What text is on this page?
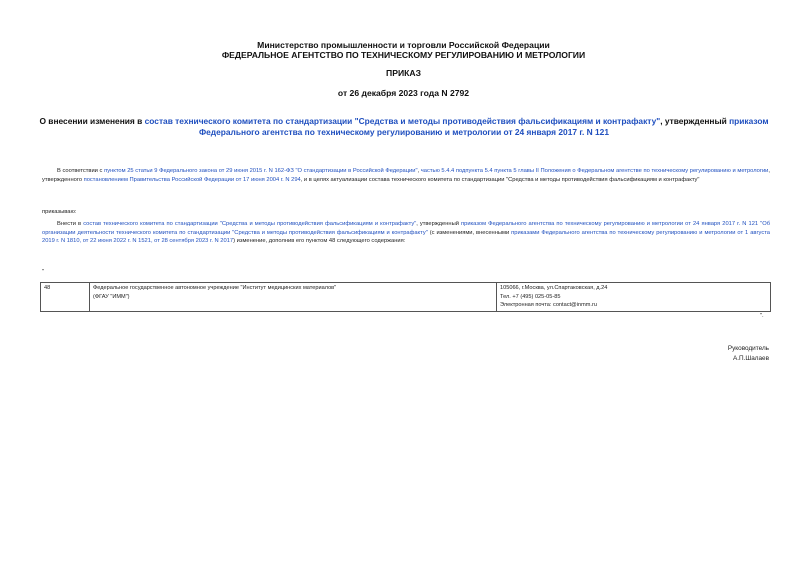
Министерство промышленности и торговли Российской Федерации
ФЕДЕРАЛЬНОЕ АГЕНТСТВО ПО ТЕХНИЧЕСКОМУ РЕГУЛИРОВАНИЮ И МЕТРОЛОГИИ
ПРИКАЗ
от 26 декабря 2023 года N 2792
О внесении изменения в состав технического комитета по стандартизации "Средства и методы противодействия фальсификациям и контрафакту", утвержденный приказом Федерального агентства по техническому регулированию и метрологии от 24 января 2017 г. N 121
В соответствии с пунктом 25 статьи 9 Федерального закона от 29 июня 2015 г. N 162-ФЗ "О стандартизации в Российской Федерации", частью 5.4.4 подпункта 5.4 пункта 5 главы II Положения о Федеральном агентстве по техническому регулированию и метрологии, утвержденного постановлением Правительства Российской Федерации от 17 июня 2004 г. N 294, и в целях актуализации состава технического комитета по стандартизации "Средства и методы противодействия фальсификациям и контрафакту"
приказываю:
Внести в состав технического комитета по стандартизации "Средства и методы противодействия фальсификациям и контрафакту", утвержденный приказом Федерального агентства по техническому регулированию и метрологии от 24 января 2017 г. N 121 "Об организации деятельности технического комитета по стандартизации "Средства и методы противодействия фальсификациям и контрафакту" (с изменениями, внесенными приказами Федерального агентства по техническому регулированию и метрологии от 1 августа 2019 г. N 1810, от 22 июня 2022 г. N 1521, от 28 сентября 2023 г. N 2017) изменение, дополнив его пунктом 48 следующего содержания:
"
48	Федеральное государственное автономное учреждение "Институт медицинских материалов"
(ФГАУ "ИММ")

105066, г.Москва, ул.Спартаковская, д.24
Тел. +7 (495) 025-05-85
Электронная почта: contact@inmm.ru
".
Руководитель
А.П.Шалаев
